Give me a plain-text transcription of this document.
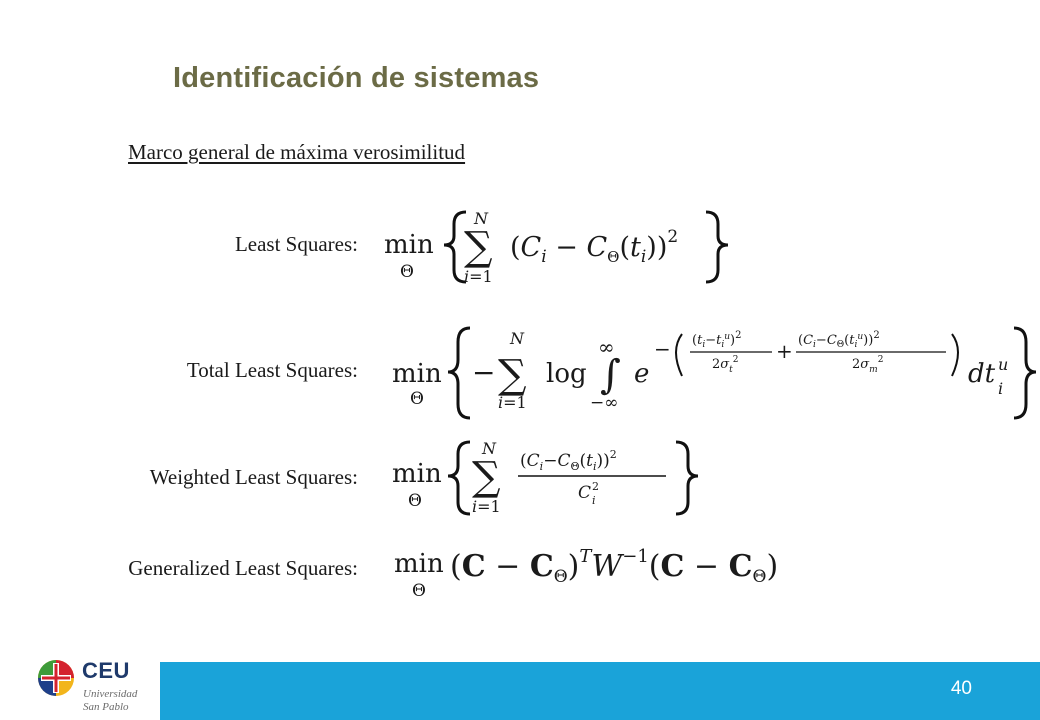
Identificación de sistemas
Marco general de máxima verosimilitud
Least Squares: min
Θ
N
∑
i=1
$(C_i - C_\Theta(t_i))^2$
Total Least Squares: min
Θ
−
N
∑
i=1
log
∞
∫
−∞
e
− $(t_i-t_i^u)^2$
$2\sigma_t^2 + (C_i-C_\Theta(t_i^u))^2$
$2\sigma_m^2$	dt u
i
Weighted Least Squares: min
Θ
N
∑
i=1
$(C_i-C_\Theta(t_i))^2$
C 2
i
Generalized Least Squares: min
Θ
$(C - C_\Theta)^TW^{-1}(C - C_\Theta)$
40
CEU
Universidad
San Pablo
